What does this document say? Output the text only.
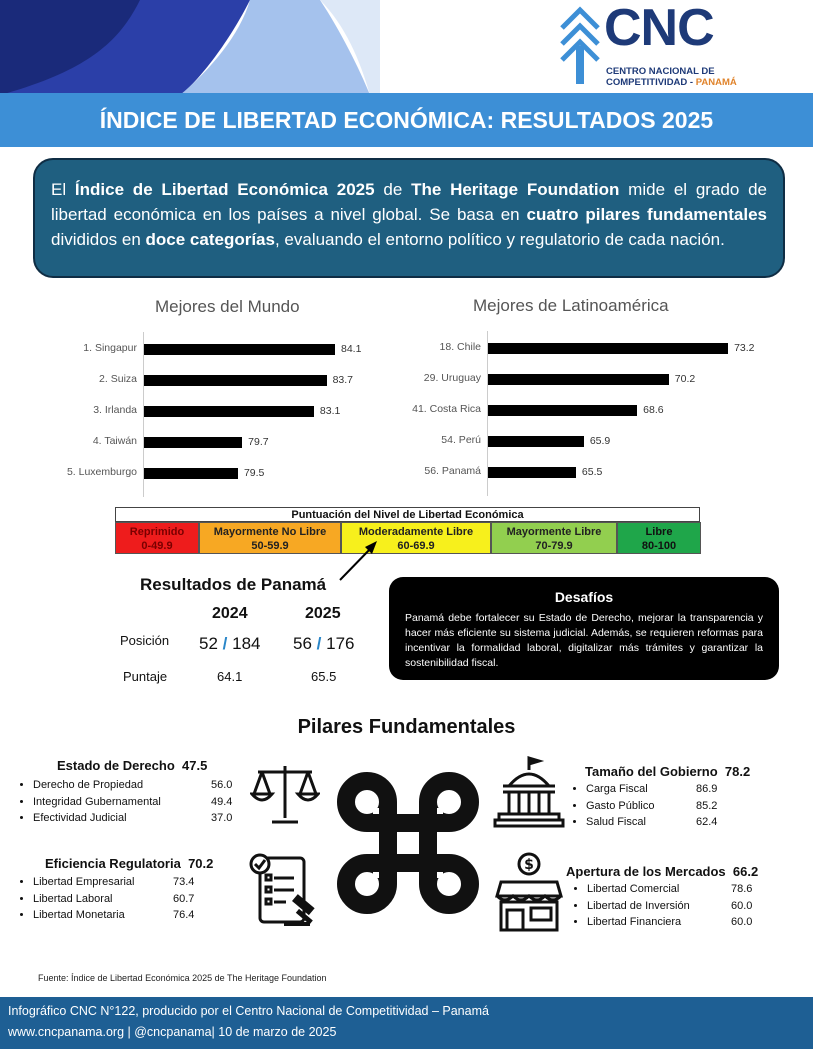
CNC
CENTRO NACIONAL DE
COMPETITIVIDAD - PANAMÁ
ÍNDICE DE LIBERTAD ECONÓMICA: RESULTADOS 2025
El Índice de Libertad Económica 2025 de The Heritage Foundation mide el grado de libertad económica en los países a nivel global. Se basa en cuatro pilares fundamentales divididos en doce categorías, evaluando el entorno político y regulatorio de cada nación.
Mejores del Mundo
1. Singapur	84.1
2. Suiza	83.7
3. Irlanda	83.1
4. Taiwán	79.7
5. Luxemburgo	79.5
Mejores de Latinoamérica
18. Chile	73.2
29. Uruguay	70.2
41. Costa Rica	68.6
54. Perú	65.9
56. Panamá	65.5
Puntuación del Nivel de Libertad Económica
Reprimido
0-49.9
Mayormente No Libre
50-59.9
Moderadamente Libre
60-69.9
Mayormente Libre
70-79.9
Libre
80-100
Resultados de Panamá
2024	2025
Posición 52 / 184 56 / 176
Puntaje	64.1	65.5
Desafíos
Panamá debe fortalecer su Estado de Derecho, mejorar la transparencia y hacer más eficiente su sistema judicial. Además, se requieren reformas para incentivar la formalidad laboral, digitalizar más trámites y garantizar la sostenibilidad fiscal.
Pilares Fundamentales
Estado de Derecho 47.5
• Derecho de Propiedad	56.0
• Integridad Gubernamental	49.4
• Efectividad Judicial	37.0
Eficiencia Regulatoria 70.2
• Libertad Empresarial	73.4
• Libertad Laboral	60.7
• Libertad Monetaria	76.4
Tamaño del Gobierno 78.2
• Carga Fiscal	86.9
• Gasto Público	85.2
• Salud Fiscal	62.4
Apertura de los Mercados 66.2
• Libertad Comercial	78.6
• Libertad de Inversión	60.0
• Libertad Financiera	60.0
$
Fuente: Índice de Libertad Económica 2025 de The Heritage Foundation
Infográfico CNC N°122, producido por el Centro Nacional de Competitividad – Panamá
www.cncpanama.org | @cncpanama| 10 de marzo de 2025
